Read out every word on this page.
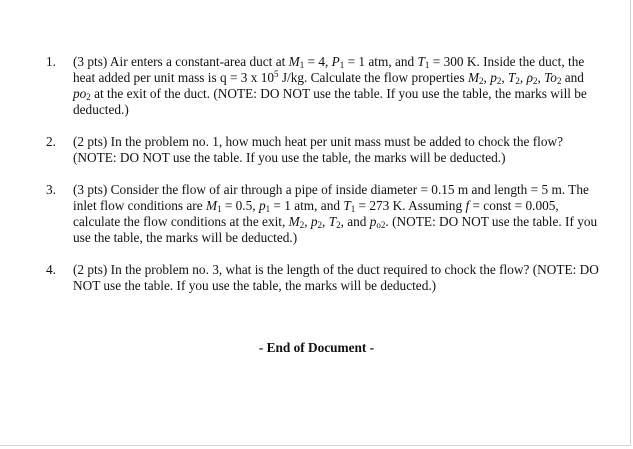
1. (3 pts) Air enters a constant-area duct at $M_1 = 4$, $P_1 = 1$ atm, and $T_1 = 300$ K. Inside the duct, the heat added per unit mass is q = 3 x $10^5$ J/kg. Calculate the flow properties $M_2$, $p_2$, $T_2$, $\rho_2$, $To_2$ and $po_2$ at the exit of the duct. (NOTE: DO NOT use the table. If you use the table, the marks will be deducted.)

2. (2 pts) In the problem no. 1, how much heat per unit mass must be added to chock the flow? (NOTE: DO NOT use the table. If you use the table, the marks will be deducted.)

3. (3 pts) Consider the flow of air through a pipe of inside diameter = 0.15 m and length = 5 m. The inlet flow conditions are $M_1 = 0.5$, $p_1 = 1$ atm, and $T_1 = 273$ K. Assuming f = const = 0.005, calculate the flow conditions at the exit, $M_2$, $p_2$, $T_2$, and $p_{o2}$. (NOTE: DO NOT use the table. If you use the table, the marks will be deducted.)

4. (2 pts) In the problem no. 3, what is the length of the duct required to chock the flow? (NOTE: DO NOT use the table. If you use the table, the marks will be deducted.)

- End of Document -
